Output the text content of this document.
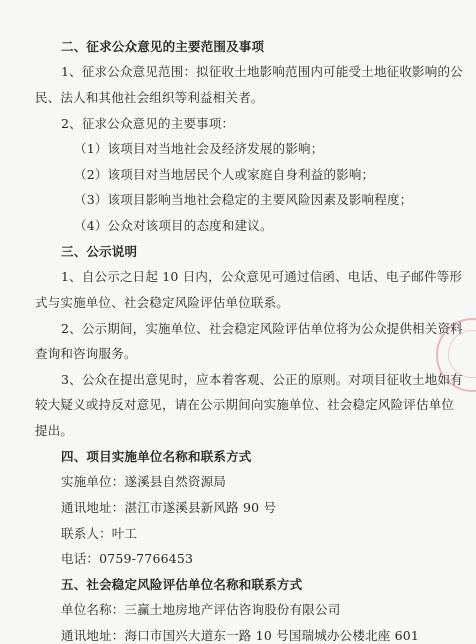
二、征求公众意见的主要范围及事项
1、征求公众意见范围：拟征收土地影响范围内可能受土地征收影响的公
民、法人和其他社会组织等利益相关者。
2、征求公众意见的主要事项：
（1）该项目对当地社会及经济发展的影响；
（2）该项目对当地居民个人或家庭自身利益的影响；
（3）该项目影响当地社会稳定的主要风险因素及影响程度；
（4）公众对该项目的态度和建议。
三、公示说明
1、自公示之日起 10 日内，公众意见可通过信函、电话、电子邮件等形
式与实施单位、社会稳定风险评估单位联系。
2、公示期间，实施单位、社会稳定风险评估单位将为公众提供相关资料
查询和咨询服务。
3、公众在提出意见时，应本着客观、公正的原则。对项目征收土地如有
较大疑义或持反对意见，请在公示期间向实施单位、社会稳定风险评估单位
提出。
四、项目实施单位名称和联系方式
实施单位：遂溪县自然资源局
通讯地址：湛江市遂溪县新风路 90 号
联系人：叶工
电话：0759-7766453
五、社会稳定风险评估单位名称和联系方式
单位名称：三赢土地房地产评估咨询股份有限公司
通讯地址：海口市国兴大道东一路 10 号国瑞城办公楼北座 601
